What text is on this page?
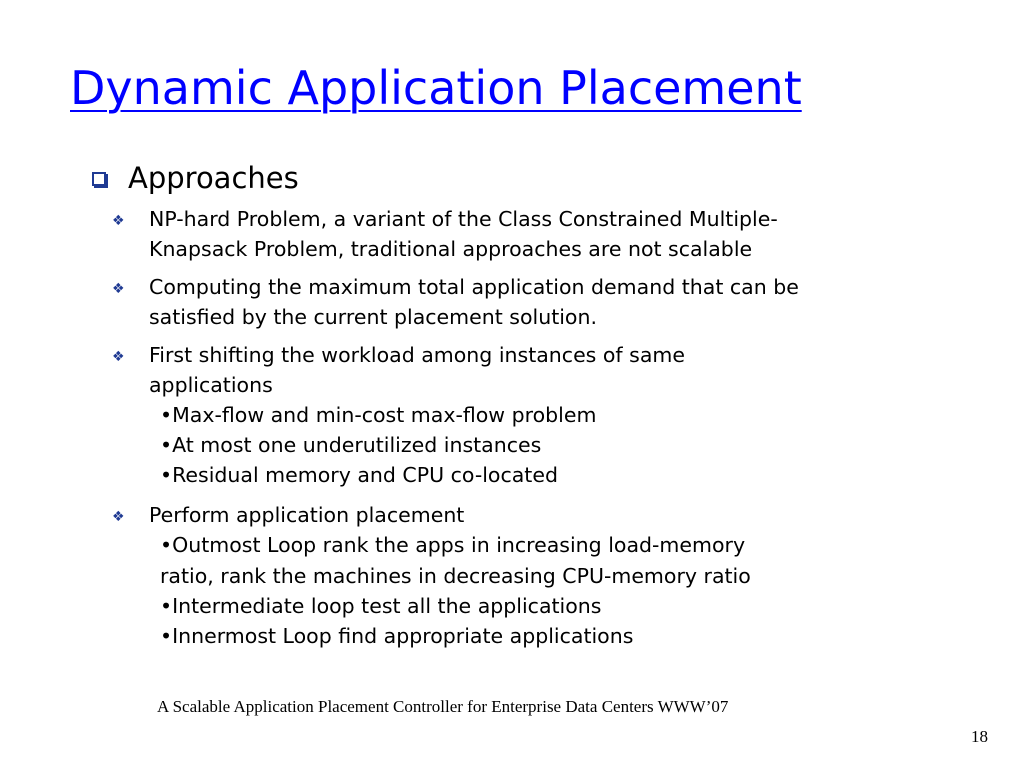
Dynamic Application Placement
Approaches
❖ NP-hard Problem, a variant of the Class Constrained Multiple-
Knapsack Problem, traditional approaches are not scalable
❖ Computing the maximum total application demand that can be
satisfied by the current placement solution.
❖ First shifting the workload among instances of same
applications
•Max-flow and min-cost max-flow problem
•At most one underutilized instances
•Residual memory and CPU co-located
❖ Perform application placement
•Outmost Loop rank the apps in increasing load-memory
ratio, rank the machines in decreasing CPU-memory ratio
•Intermediate loop test all the applications
•Innermost Loop find appropriate applications
A Scalable Application Placement Controller for Enterprise Data Centers WWW’07
18
